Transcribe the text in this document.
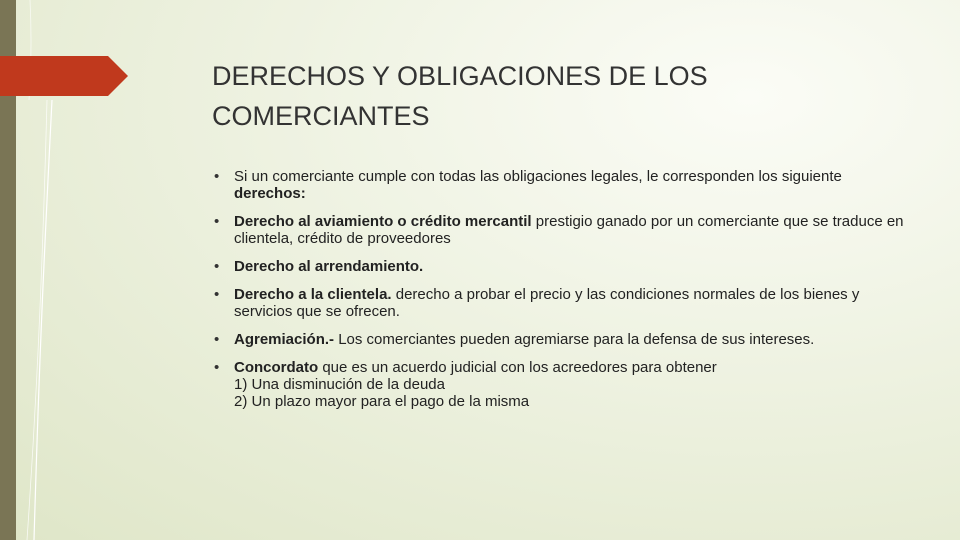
DERECHOS Y OBLIGACIONES DE LOS COMERCIANTES
• Si un comerciante cumple con todas las obligaciones legales, le corresponden los siguiente derechos:
• Derecho al aviamiento o crédito mercantil prestigio ganado por un comerciante que se traduce en clientela, crédito de proveedores
• Derecho al arrendamiento.
• Derecho a la clientela. derecho a probar el precio y las condiciones normales de los bienes y servicios que se ofrecen.
• Agremiación.- Los comerciantes pueden agremiarse para la defensa de sus intereses.
• Concordato que es un acuerdo judicial con los acreedores para obtener
1) Una disminución de la deuda
2) Un plazo mayor para el pago de la misma
